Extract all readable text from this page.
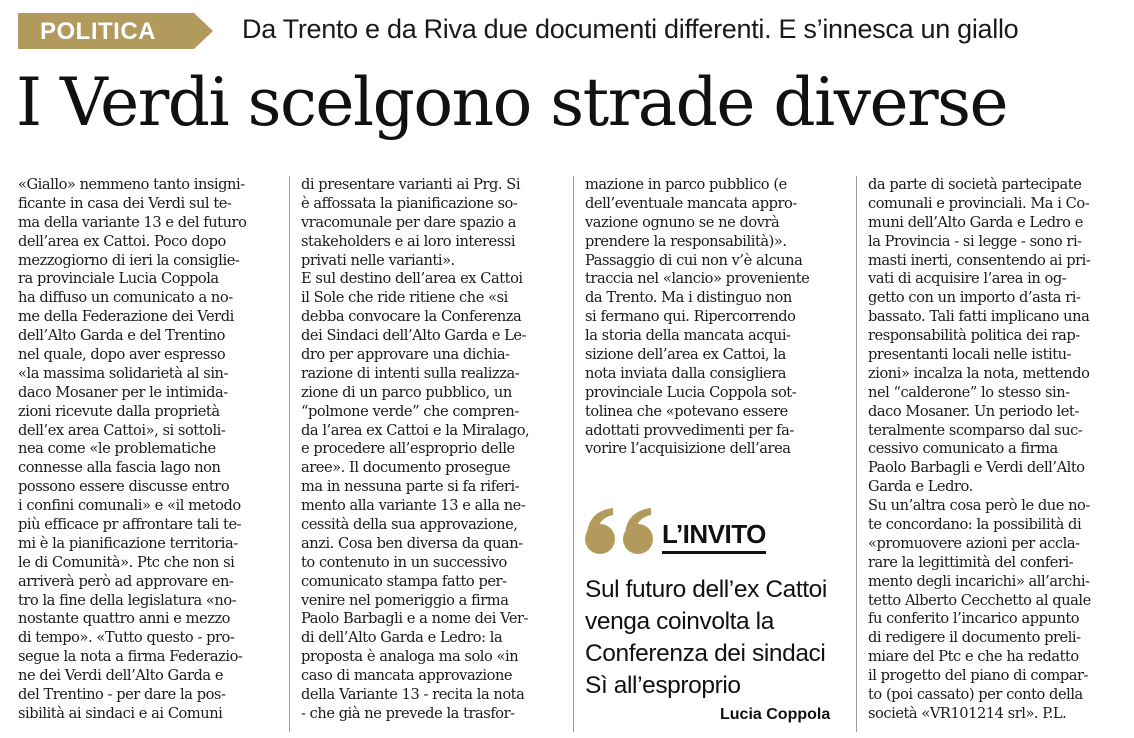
POLITICA	Da Trento e da Riva due documenti differenti. E s’innesca un giallo
I Verdi scelgono strade diverse
«Giallo» nemmeno tanto insigni-
ficante in casa dei Verdi sul te-
ma della variante 13 e del futuro
dell’area ex Cattoi. Poco dopo
mezzogiorno di ieri la consiglie-
ra provinciale Lucia Coppola
ha diffuso un comunicato a no-
me della Federazione dei Verdi
dell’Alto Garda e del Trentino
nel quale, dopo aver espresso
«la massima solidarietà al sin-
daco Mosaner per le intimida-
zioni ricevute dalla proprietà
dell’ex area Cattoi», si sottoli-
nea come «le problematiche
connesse alla fascia lago non
possono essere discusse entro
i confini comunali» e «il metodo
più efficace pr affrontare tali te-
mi è la pianificazione territoria-
le di Comunità». Ptc che non si
arriverà però ad approvare en-
tro la fine della legislatura «no-
nostante quattro anni e mezzo
di tempo». «Tutto questo - pro-
segue la nota a firma Federazio-
ne dei Verdi dell’Alto Garda e
del Trentino - per dare la pos-
sibilità ai sindaci e ai Comuni
di presentare varianti ai Prg. Si
è affossata la pianificazione so-
vracomunale per dare spazio a
stakeholders e ai loro interessi
privati nelle varianti».
E sul destino dell’area ex Cattoi
il Sole che ride ritiene che «si
debba convocare la Conferenza
dei Sindaci dell’Alto Garda e Le-
dro per approvare una dichia-
razione di intenti sulla realizza-
zione di un parco pubblico, un
“polmone verde” che compren-
da l’area ex Cattoi e la Miralago,
e procedere all’esproprio delle
aree». Il documento prosegue
ma in nessuna parte si fa riferi-
mento alla variante 13 e alla ne-
cessità della sua approvazione,
anzi. Cosa ben diversa da quan-
to contenuto in un successivo
comunicato stampa fatto per-
venire nel pomeriggio a firma
Paolo Barbagli e a nome dei Ver-
di dell’Alto Garda e Ledro: la
proposta è analoga ma solo «in
caso di mancata approvazione
della Variante 13 - recita la nota
- che già ne prevede la trasfor-
mazione in parco pubblico (e
dell’eventuale mancata appro-
vazione ognuno se ne dovrà
prendere la responsabilità)».
Passaggio di cui non v’è alcuna
traccia nel «lancio» proveniente
da Trento. Ma i distinguo non
si fermano qui. Ripercorrendo
la storia della mancata acqui-
sizione dell’area ex Cattoi, la
nota inviata dalla consigliera
provinciale Lucia Coppola sot-
tolinea che «potevano essere
adottati provvedimenti per fa-
vorire l’acquisizione dell’area
da parte di società partecipate
comunali e provinciali. Ma i Co-
muni dell’Alto Garda e Ledro e
la Provincia - si legge - sono ri-
masti inerti, consentendo ai pri-
vati di acquisire l’area in og-
getto con un importo d’asta ri-
bassato. Tali fatti implicano una
responsabilità politica dei rap-
presentanti locali nelle istitu-
zioni» incalza la nota, mettendo
nel “calderone” lo stesso sin-
daco Mosaner. Un periodo let-
teralmente scomparso dal suc-
cessivo comunicato a firma
Paolo Barbagli e Verdi dell’Alto
Garda e Ledro.
Su un’altra cosa però le due no-
te concordano: la possibilità di
«promuovere azioni per accla-
rare la legittimità del conferi-
mento degli incarichi» all’archi-
tetto Alberto Cecchetto al quale
fu conferito l’incarico appunto
di redigere il documento preli-
miare del Ptc e che ha redatto
il progetto del piano di compar-
to (poi cassato) per conto della
società «VR101214 srl». P.L.
L’INVITO
Sul futuro dell’ex Cattoi
venga coinvolta la
Conferenza dei sindaci
Sì all’esproprio
Lucia Coppola
